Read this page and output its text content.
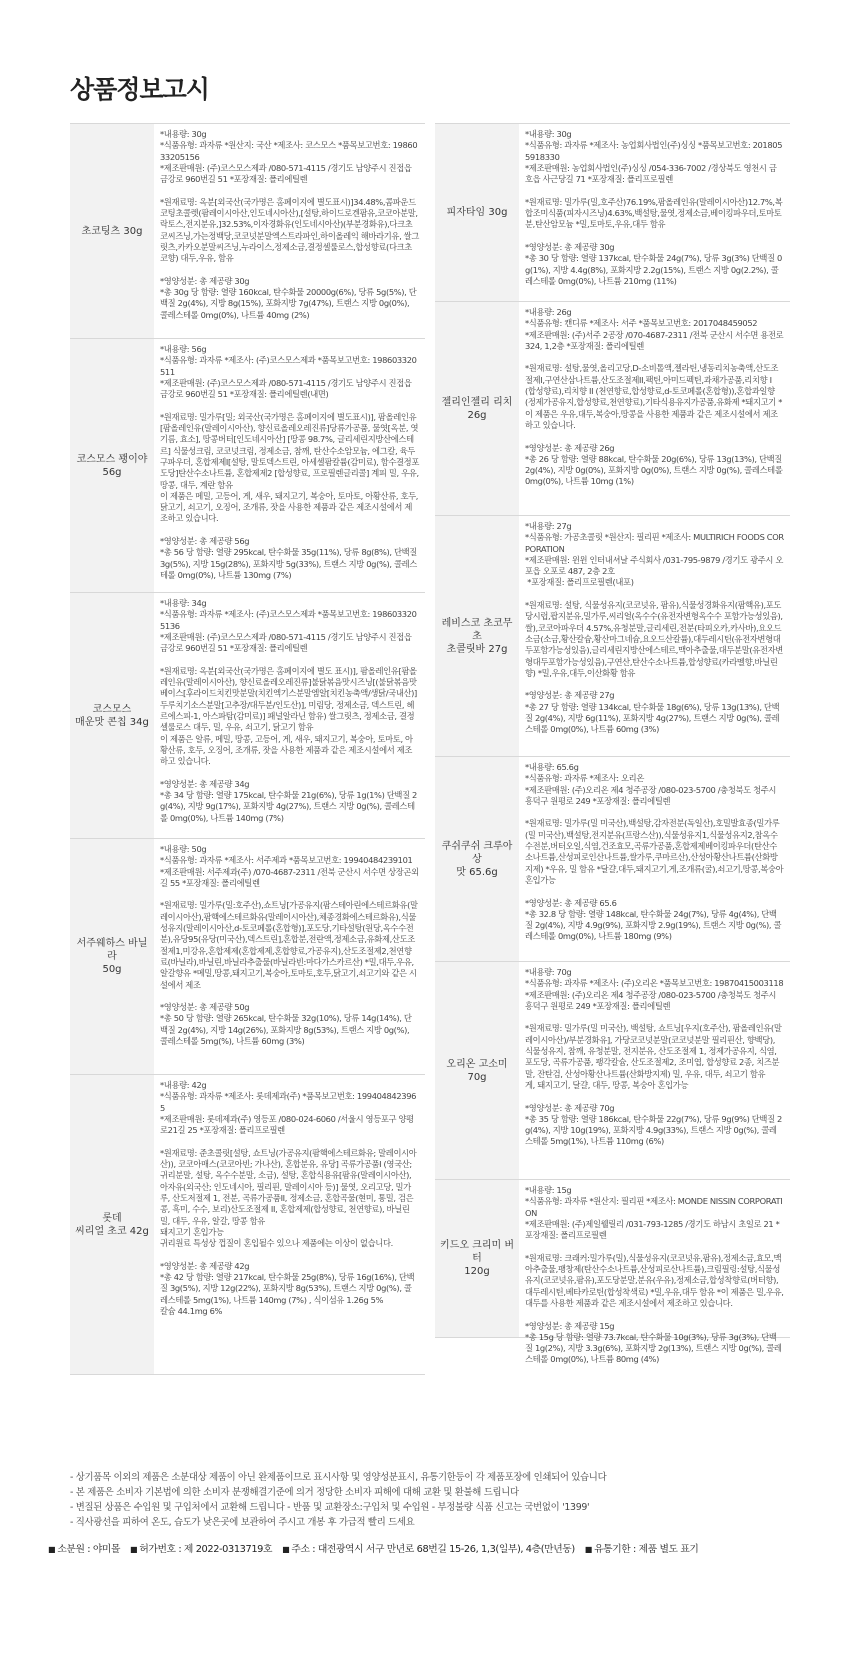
상품정보고시
초코팅츠 30g
*내용량: 30g
*식품유형: 과자류 *원산지: 국산 *제조사: 코스모스 *품목보고번호: 1986033205156
*제조판매원: (주)코스모스제과 /080-571-4115 /경기도 남양주시 진접읍 금강로 960번길 51 *포장재질: 폴리에틸렌

*원재료명: 옥분[외국산(국가명은 홈페이지에 별도표시)]34.48%,콤파운드코팅초콜렛(팜레이시아산,인도네시아산),[설탕,하이드로겐팜유,코코아분말,락토스,전지분유,]32.53%,이자경화유(인도네시아산)(부분경화유),다크초코씨즈닝,가는정백당,코코넛분말엑스트라파인,하이올레익 해바라기유, 쌀그릿츠,카카오분말씨즈닝,누라이스,정제소금,결정셀룰로스,합성향료(다크초코향) 대두,우유, 함유

*영양성분: 총 제공량 30g
*총 30g 당 함량: 열량 160kcal, 탄수화물 20000g(6%), 당류 5g(5%), 단백질 2g(4%), 지방 8g(15%), 포화지방 7g(47%), 트랜스 지방 0g(0%), 콜레스테롤 0mg(0%), 나트륨 40mg (2%)
코스모스 꽹이야
56g
*내용량: 56g
*식품유형: 과자류 *제조사: (주)코스모스제과 *품목보고번호: 198603320511
*제조판매원: (주)코스모스제과 /080-571-4115 /경기도 남양주시 진접읍 금강로 960번길 51 *포장재질: 폴리에틸렌(내면)

*원재료명: 밀가루[밀; 외국산(국가명은 홈페이지에 별도표시)], 팜올레인유[팜올레인유(말레이시아산), 향신료올레오레진류]당류가공품, 물엿[옥분, 엿기름, 효소], 땅콩버터[인도네시아산] [땅콩 98.7%, 글리세린지방산에스테르] 식물성크림, 코코넛크림, 정제소금, 참깨, 탄산수소암모늄, 에그칼, 육두구파우더, 혼합제제I[설탕, 말토덱스트린, 아세셀팜칼륨(감미료), 함수결정포도당]탄산수소나트륨, 혼합제제2 [합성향료, 프로필렌글리콜] 계피 밀, 우유, 땅콩, 대두, 계란 함유
이 제품은 메밀, 고등어, 게, 새우, 돼지고기, 복숭아, 토마토, 아황산류, 호두, 닭고기, 쇠고기, 오징어, 조개류, 잣을 사용한 제품과 같은 제조시설에서 제조하고 있습니다.

*영양성분: 총 제공량 56g
*총 56 당 함량: 열량 295kcal, 탄수화물 35g(11%), 당류 8g(8%), 단백질 3g(5%), 지방 15g(28%), 포화지방 5g(33%), 트랜스 지방 0g(%), 콜레스테롤 0mg(0%), 나트륨 130mg (7%)
코스모스
매운맛 콘칩 34g
*내용량: 34g
*식품유형: 과자류 *제조사: (주)코스모스제과 *품목보고번호: 1986033205136
*제조판매원: (주)코스모스제과 /080-571-4115 /경기도 남양주시 진접읍 금강로 960번길 51 *포장재질: 폴리에틸렌

*원재료명: 옥분[외국산(국가명은 홈페이지에 별도 표시)], 팜올레인유[팜올레인유(말레이시아산), 향신료올레오레진류]불닭볶음맛시즈닝[(불닭볶음맛베이스[후라이드치킨맛분말(치킨엑기스분말엠알[치킨농축액/생닭/국내산)] 두루치기소스분말[고추장/대두분/인도산)], 미림당, 정제소금, 덱스트린, 헤르에스피-1, 아스파탐(감미료)] 패널알라닌 함유) 쌀그릿츠, 정제소금, 결정셀룰로스 대두, 밀, 우유, 쇠고기, 닭고기 함유
이 제품은 알류, 메밀, 땅콩, 고등어, 게, 새우, 돼지고기, 복숭아, 토마토, 아황산류, 호두, 오징어, 조개류, 잣을 사용한 제품과 같은 제조시설에서 제조하고 있습니다.

*영양성분: 총 제공량 34g
*총 34 당 함량: 열량 175kcal, 탄수화물 21g(6%), 당류 1g(1%) 단백질 2g(4%), 지방 9g(17%), 포화지방 4g(27%), 트랜스 지방 0g(%), 콜레스테롤 0mg(0%), 나트륨 140mg (7%)
서주웨하스 바닐라
50g
*내용량: 50g
*식품유형: 과자류 *제조사: 서주제과 *품목보고번호: 19940484239101
*제조판매원: 서주제과(주) /070-4687-2311 /전북 군산시 서수면 상장곤외길 55 *포장재질: 폴리에틸렌

*원재료명: 밀가루(밀:호주산),쇼트닝[가공유지(팜스테아린에스테르화유(말레이시아산),팜핵에스테르화유(말레이시아산),체종경화에스테르화유),식물성유지(말레이시아산,d-토코페롤(혼합형)],포도당,기타설탕(원당,옥수수전분),유당95(유당(미국산),덱스트린],혼합분,전란액,정제소금,유화제,산도조절제1,미강유,혼합제제(혼합제제,혼합향료,가공유지),산도조절제2,천연향료(바닐라),바닐린,바닐라추출물(바닐라빈:마다가스카르산) *밀,대두,우유,알갈향유 *메밀,땅콩,돼지고기,복숭아,토마토,호두,닭고기,쇠고기와 같은 시설에서 제조

*영양성분: 총 제공량 50g
*총 50 당 함량: 열량 265kcal, 탄수화물 32g(10%), 당류 14g(14%), 단백질 2g(4%), 지방 14g(26%), 포화지방 8g(53%), 트랜스 지방 0g(%), 콜레스테롤 5mg(%), 나트륨 60mg (3%)
롯데
씨리얼 초코 42g
*내용량: 42g
*식품유형: 과자류 *제조사: 롯데제과(주) *품목보고번호: 1994048423965
*제조판매원: 롯데제과(주) 영등포 /080-024-6060 /서울시 영등포구 양평로21길 25 *포장재질: 폴리프로필렌

*원재료명: 준초콜릿[설탕, 쇼트닝(가공유지(팜핵에스테르화유; 말레이시아산)), 코코아매스(코코아빈; 가나산), 혼합분유, 유당] 곡류가공품I (영국산; 귀리분말, 설탕, 옥수수분말, 소금), 설탕, 혼합식용유[팜유(말레이시아산), 아자유(외국산; 인도네시아, 필리핀, 말레이시아 등)] 물엿, 오리고당, 밀가루, 산도저절제 1, 전분, 곡류가공품II, 정제소금, 혼합곡물(현미, 통밀, 검은콩, 흑미, 수수, 보리)산도조절제 II, 혼합제제(합성향료, 천연향료), 바닐린 밀, 대두, 우유, 알갈, 땅콩 함유
돼지고기 혼입가능
귀리원료 특성상 껍질이 혼입될수 있으나 제품에는 이상이 없습니다.

*영양성분: 총 제공량 42g
*총 42 당 함량: 열량 217kcal, 탄수화물 25g(8%), 당류 16g(16%), 단백질 3g(5%), 지방 12g(22%), 포화지방 8g(53%), 트랜스 지방 0g(%), 콜레스테롤 5mg(1%), 나트륨 140mg (7%) , 식이섬유 1.26g 5%
칼슘 44.1mg 6%
피자타임 30g
*내용량: 30g
*식품유형: 과자류 *제조사: 농업회사법인(주)싱싱 *품목보고번호: 2018055918330
*제조판매원: 농업회사법인(주)싱싱 /054-336-7002 /경상북도 영천시 금호읍 사근당길 71 *포장재질: 폴리프로필렌

*원재료명: 밀가루(밀,호주산)76.19%,팜올레인유(말레이시아산)12.7%,복합조미식품(피자시즈닝)4.63%,백설탕,물엿,정제소금,베이킹파우더,토마토분,탄산암모늄 *밀,토마토,우유,대두 함유

*영양성분: 총 제공량 30g
*총 30 당 함량: 열량 137kcal, 탄수화물 24g(7%), 당류 3g(3%) 단백질 0g(1%), 지방 4.4g(8%), 포화지방 2.2g(15%), 트랜스 지방 0g(2.2%), 콜레스테롤 0mg(0%), 나트륨 210mg (11%)
젤리인젤리 리치
26g
*내용량: 26g
*식품유형: 캔디류 *제조사: 서주 *품목보고번호: 2017048459052
*제조판매원: (주)서주 2공장 /070-4687-2311 /전북 군산시 서수면 용전로 324, 1,2층 *포장재질: 폴리에틸렌

*원재료명: 설탕,물엿,올리고당,D-소비톨액,젤라틴,냉동리치농축액,산도조절제I,구연산삼나트륨,산도조절제II,팩틴,아미드펙틴,과채가공품,리치향 I (합성향료),리치향 II (천연향료,합성향료,d-토코페롤(혼합형)),혼합과일향(정제가공유지,합성향료,천연향료),기타식용유지가공품,유화제 *돼지고기 *이 제품은 우유,대두,복숭아,땅콩을 사용한 제품과 같은 제조시설에서 제조하고 있습니다.

*영양성분: 총 제공량 26g
*총 26 당 함량: 열량 88kcal, 탄수화물 20g(6%), 당류 13g(13%), 단백질 2g(4%), 지방 0g(0%), 포화지방 0g(0%), 트랜스 지방 0g(%), 콜레스테롤 0mg(0%), 나트륨 10mg (1%)
레비스코 초코무초
초콜릿바 27g
*내용량: 27g
*식품유형: 가공초콜릿 *원산지: 필리핀 *제조사: MULTIRICH FOODS CORPORATION
*제조판매원: 윈윈 인터내셔날 주식회사 /031-795-9879 /경기도 광주시 오포읍 오포로 487, 2층 2호
*포장재질: 폴리프로필렌(내포)

*원재료명: 설탕, 식물성유지(코코넛유, 팜유),식물성경화유지(팜핵유),포도당시럽,팝지분유,밀가루,씨리얼(옥수수(유전자변형옥수수 포함가능성있음),쌀),코코아파우더 4.57%,유청분말,글리세린,전분(타피오카,카사바),요오드소금(소금,황산칼슘,황산마그네슘,요오드산칼륨),대두레시틴(유전자변형대두포함가능성있음),글리세린지방산에스테르,맥아추출물,대두분말(유전자변형대두포함가능성있음),구연산,탄산수소나트륨,합성향료(카라멜향,바닐린향) *밀,우유,대두,이산화황 함유

*영양성분: 총 제공량 27g
*총 27 당 함량: 열량 134kcal, 탄수화물 18g(6%), 당류 13g(13%), 단백질 2g(4%), 지방 6g(11%), 포화지방 4g(27%), 트랜스 지방 0g(%), 콜레스테롤 0mg(0%), 나트륨 60mg (3%)
쿠쉬쿠쉬 크루아상
맛 65.6g
*내용량: 65.6g
*식품유형: 과자류 *제조사: 오리온
*제조판매원: (주)오리온 제4 청주공장 /080-023-5700 /충청북도 청주시 흥덕구 원평로 249 *포장재질: 폴리에틸렌

*원재료명: 밀가루(밀 미국산),백설탕,감자전분(독일산),호밀발효종(밀가루(밀 미국산),백설탕,전지분유(프랑스산)),식물성유지1,식물성유지2,참옥수수전분,버터오일,식염,건조효모,곡류가공품,혼합제제베이킹파우더(탄산수소나트륨,산성피로인산나트륨,쌀가루,쿠마르산),산성아황산나트륨(산화방지제) *우유, 밀 함유 *달걀,대두,돼지고기,게,조개류(굴),쇠고기,땅콩,복숭아 혼입가능

*영양성분: 총 제공량 65.6
*총 32.8 당 함량: 열량 148kcal, 탄수화물 24g(7%), 당류 4g(4%), 단백질 2g(4%), 지방 4.9g(9%), 포화지방 2.9g(19%), 트랜스 지방 0g(%), 콜레스테롤 0mg(0%), 나트륨 180mg (9%)
오리온 고소미 70g
*내용량: 70g
*식품유형: 과자류 *제조사: (주)오리온 *품목보고번호: 19870415003118
*제조판매원: (주)오리온 제4 청주공장 /080-023-5700 /충청북도 청주시 흥덕구 원평로 249 *포장재질: 폴리에틸렌

*원재료명: 밀가루(밀 미국산), 백설탕, 쇼트닝[우지(호주산), 팜올레인유(말레이시아산)/부분경화유], 가당코코넛분말(코코넛분말 필리핀산, 향백당), 식물성유지, 참깨, 유청분말, 전지분유, 산도조절제 1, 정제가공유지, 식염, 포도당, 곡류가공품, 팽각칼슘, 산도조절제2, 조미엽, 합성향료 2종, 치즈분말, 잔탄검, 산성아황산나트륨(산화방지제) 밀, 우유, 대두, 쇠고기 함유
게, 돼지고기, 달걀, 대두, 땅콩, 복숭아 혼입가능

*영양성분: 총 제공량 70g
*총 35 당 함량: 열량 186kcal, 탄수화물 22g(7%), 당류 9g(9%) 단백질 2g(4%), 지방 10g(19%), 포화지방 4.9g(33%), 트랜스 지방 0g(%), 콜레스테롤 5mg(1%), 나트륨 110mg (6%)
키드오 크리미 버터
120g
*내용량: 15g
*식품유형: 과자류 *원산지: 필리핀 *제조사: MONDE NISSIN CORPORATION
*제조판매원: (주)제일웰릴리 /031-793-1285 /경기도 하남시 초일로 21 *포장재질: 폴리프로필렌

*원재료명: 크래커:밀가루(밀),식물성유지(코코넛유,팜유),정제소금,효모,맥아추출물,팽창제(탄산수소나트륨,산성피로산나트륨),크림필링:설탕,식물성유지(코코넛유,팜유),포도당분말,분유(우유),정제소금,합성착향료(버터향),대두레시틴,베타카로틴(합성착색료) *밀,우유,대두 함유 *이 제품은 밀,우유,대두를 사용한 제품과 같은 제조시설에서 제조하고 있습니다.

*영양성분: 총 제공량 15g
*총 15g 당 함량: 열량 73.7kcal, 탄수화물 10g(3%), 당류 3g(3%), 단백질 1g(2%), 지방 3.3g(6%), 포화지방 2g(13%), 트랜스 지방 0g(%), 콜레스테롤 0mg(0%), 나트륨 80mg (4%)
- 상기품목 이외의 제품은 소분대상 제품이 아닌 완제품이므로 표시사항 및 영양성분표시, 유통기한등이 각 제품포장에 인쇄되어 있습니다
- 본 제품은 소비자 기본법에 의한 소비자 분쟁해결기준에 의거 정당한 소비자 피해에 대해 교환 및 환불해 드립니다
- 변질된 상품은 수입원 및 구입처에서 교환해 드립니다 - 반품 및 교환장소:구입처 및 수입원 - 부정불량 식품 신고는 국번없이 '1399'
- 직사광선을 피하여 온도, 습도가 낮은곳에 보관하여 주시고 개봉 후 가급적 빨리 드세요
■ 소분원 : 야미몰	■ 허가번호 : 제 2022-0313719호	■ 주소 : 대전광역시 서구 만년로 68번길 15-26, 1,3(일부), 4층(만년동)	■ 유통기한 : 제품 별도 표기
